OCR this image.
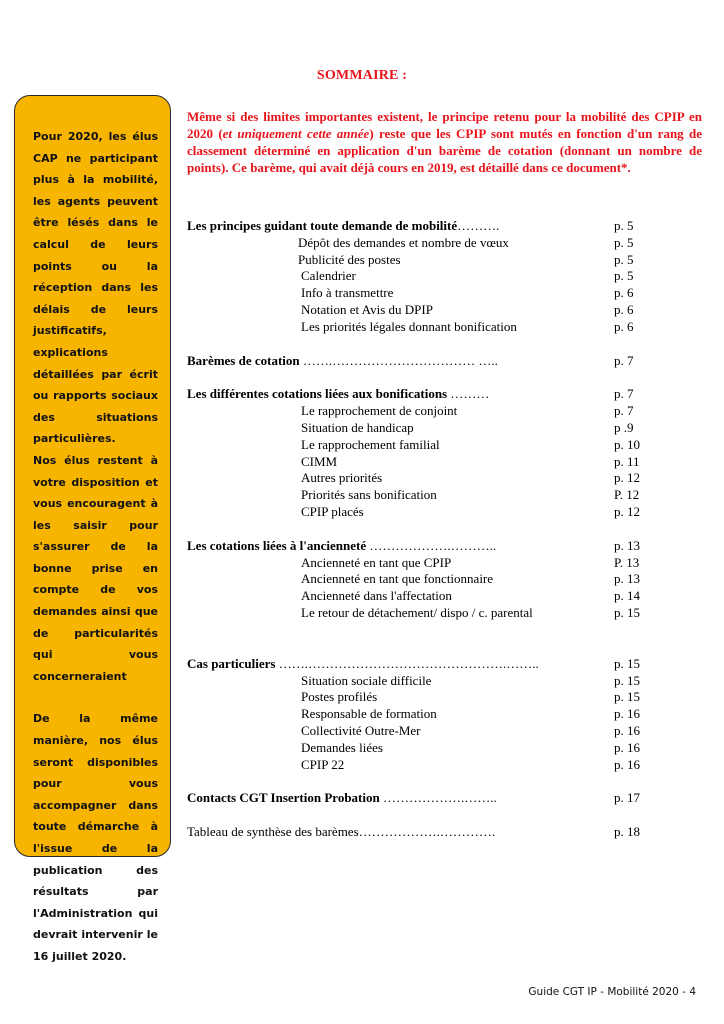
SOMMAIRE :

Pour 2020, les élus CAP ne participant plus à la mobilité, les agents peuvent être lésés dans le calcul de leurs points ou la réception dans les délais de leurs justificatifs, explications détaillées par écrit ou rapports sociaux des situations particulières.

Nos élus restent à votre disposition et vous encouragent à les saisir pour s'assurer de la bonne prise en compte de vos demandes ainsi que de particularités qui vous concerneraient

De la même manière, nos élus seront disponibles pour vous accompagner dans toute démarche à l'issue de la publication des résultats par l'Administration qui devrait intervenir le 16 juillet 2020.

Même si des limites importantes existent, le principe retenu pour la mobilité des CPIP en 2020 (et uniquement cette année) reste que les CPIP sont mutés en fonction d'un rang de classement déterminé en application d'un barème de cotation (donnant un nombre de points). Ce barème, qui avait déjà cours en 2019, est détaillé dans ce document*.
Les principes guidant toute demande de mobilité……….	p. 5
Dépôt des demandes et nombre de vœux	p. 5
Publicité des postes	p. 5
Calendrier	p. 5
Info à transmettre	p. 6
Notation et Avis du DPIP	p. 6
Les priorités légales donnant bonification	p. 6
Barèmes de cotation …….…………………………… …..	p. 7
Les différentes cotations liées aux bonifications ………	p. 7
Le rapprochement de conjoint	p. 7
Situation de handicap	p .9
Le rapprochement familial	p. 10
CIMM	p. 11
Autres priorités	p. 12
Priorités sans bonification	P. 12
CPIP placés	p. 12
Les cotations liées à l'ancienneté ……………….………..	p. 13
Ancienneté en tant que CPIP	P. 13
Ancienneté en tant que fonctionnaire	p. 13
Ancienneté dans l'affectation	p. 14
Le retour de détachement/ dispo / c. parental	p. 15
Cas particuliers …….……………………………………….……..	p. 15
Situation sociale difficile	p. 15
Postes profilés	p. 15
Responsable de formation	p. 16
Collectivité Outre-Mer	p. 16
Demandes liées	p. 16
CPIP 22	p. 16
Contacts CGT Insertion Probation ……………….……..	p. 17
Tableau de synthèse des barèmes……………….………….	p. 18
Guide CGT IP - Mobilité 2020 - 4
